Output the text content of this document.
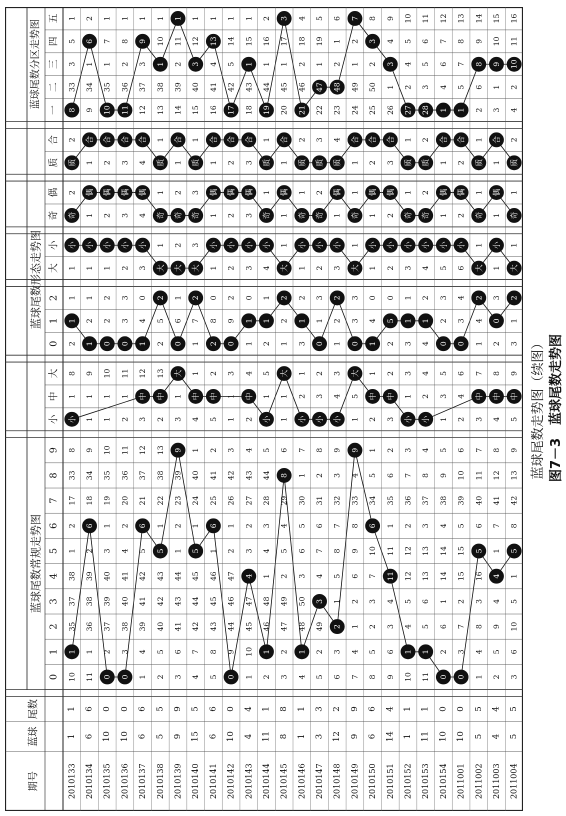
蓝球尾数常规走势图
蓝球尾数形态走势图
蓝球尾数分区走势图
期号
蓝球
尾数
0
1
2
3
4
5
6
7
8
9
小
中
大
0
1
2
大
小
奇
偶
质
合
一
二
三
四
五
2010133
1
1
10
1
35
37
38
1
2
17
33
8
小
1
8
2
1
1
1
小
奇
2
质
2
8
33
3
5
1
2010134
6
6
11
1
36
38
39
2
6
18
34
9
1
1
9
1
2
1
1
小
1
偶
1
合
9
34
1
6
2
2010135
10
0
0
2
37
39
40
3
1
19
35
10
1
1
10
0
2
2
1
小
2
偶
2
合
10
35
1
7
1
2010136
10
0
0
3
38
40
41
4
2
20
36
11
2
1
11
0
3
3
2
小
3
偶
3
合
11
36
2
8
1
2010137
6
6
1
4
39
41
42
5
6
21
37
12
3
中
12
1
4
0
3
小
4
偶
4
合
12
37
3
9
1
2010138
5
5
2
5
40
42
43
5
1
22
38
13
2
中
13
2
5
2
大
1
奇
1
质
1
13
38
1
10
1
2010139
9
9
3
6
41
43
44
1
2
23
39
9
3
1
大
0
6
1
大
2
奇
2
1
合
14
39
2
11
1
2010140
15
5
4
7
42
44
45
5
1
24
40
1
4
中
1
1
7
2
大
3
奇
3
质
1
15
40
3
12
1
2010141
6
6
5
8
43
45
46
1
6
25
41
2
5
中
2
2
8
0
1
小
1
偶
1
合
16
41
4
13
1
2010142
10
0
0
9
44
46
47
2
1
26
42
3
1
1
3
0
9
2
2
小
2
偶
2
合
17
42
5
14
1
2010143
4
4
1
10
45
47
4
3
2
27
43
4
2
中
4
1
1
0
3
小
3
偶
3
合
18
43
1
15
1
2010144
11
1
2
1
46
48
1
4
3
28
44
5
小
1
5
2
1
1
4
小
奇
1
质
1
19
44
1
16
2
2010145
8
8
3
2
47
49
2
5
4
29
8
6
1
1
大
1
2
2
大
1
1
偶
1
合
20
45
1
17
3
2010146
1
1
4
1
48
50
3
6
5
30
1
7
小
2
1
3
1
2
1
小
奇
1
质
2
21
46
2
18
4
2010147
3
3
5
2
49
3
4
7
6
31
2
8
小
3
2
0
1
3
2
小
奇
2
质
3
22
47
1
19
5
2010148
12
2
6
3
2
1
5
8
7
32
3
9
小
4
3
1
2
2
3
小
1
偶
质
4
23
48
2
1
6
2010149
9
9
7
4
1
2
6
9
8
33
4
9
1
5
大
0
3
3
大
1
奇
1
1
合
24
49
1
2
7
2010150
6
6
8
5
2
3
7
10
6
34
5
1
2
中
1
1
4
0
1
小
1
偶
2
合
25
50
2
3
8
2010151
14
4
9
6
3
4
11
11
1
35
6
2
3
中
2
2
5
0
2
小
2
偶
3
合
26
1
3
4
9
2010152
1
1
10
1
4
5
12
12
2
36
7
3
小
1
3
3
1
1
3
小
奇
1
质
1
27
2
4
5
10
2010153
11
1
11
1
5
6
13
13
3
37
8
4
小
2
4
4
1
2
4
小
奇
2
质
2
28
3
5
6
11
2010154
10
0
0
2
6
1
14
14
4
38
9
5
1
3
5
0
2
3
5
小
1
偶
1
合
1
4
6
7
12
2011001
10
0
0
3
7
2
15
15
5
39
10
6
2
4
6
0
3
4
6
小
2
偶
2
合
1
5
7
8
13
2011002
5
5
1
4
8
3
16
5
6
40
11
7
3
中
7
1
4
2
大
1
奇
1
质
1
2
6
8
9
14
2011003
4
4
2
5
9
4
4
1
7
41
12
8
4
中
8
2
0
3
1
小
1
偶
1
合
3
1
9
10
15
2011004
5
5
3
6
10
5
1
5
8
42
13
9
5
中
9
3
1
2
大
1
奇
1
质
2
4
2
10
11
16
蓝球尾数走势图（续图） 图7－3　蓝球尾数走势图
